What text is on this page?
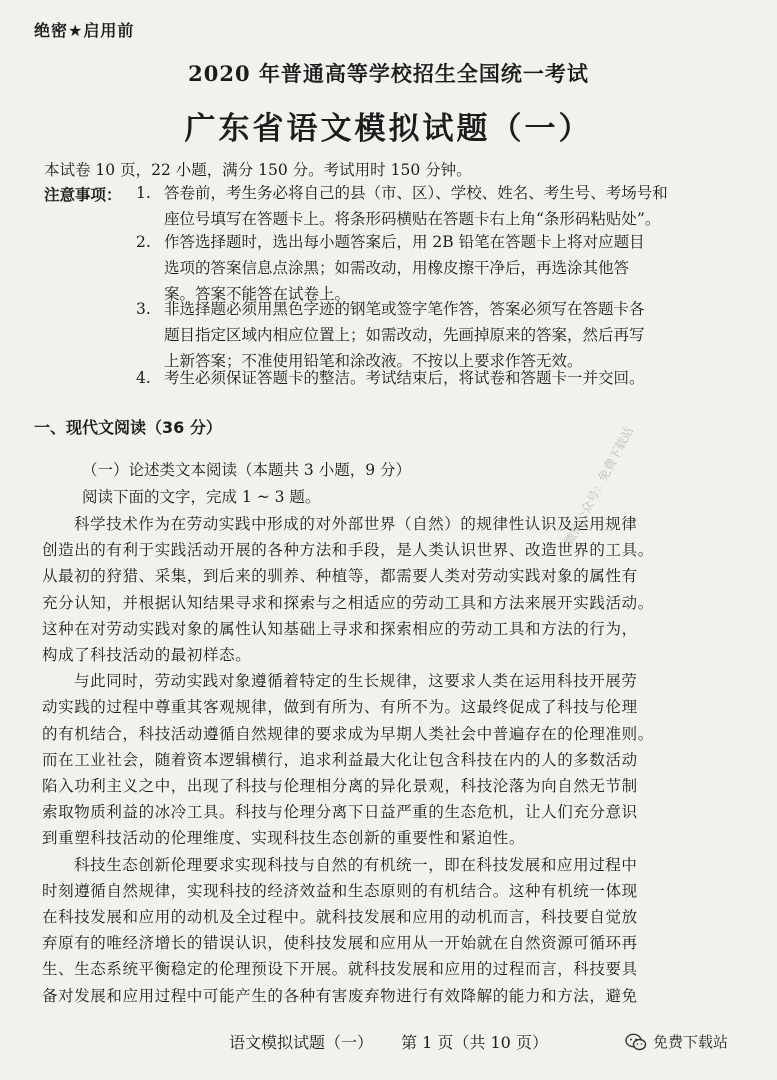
绝密★启用前
2020 年普通高等学校招生全国统一考试
广东省语文模拟试题（一）
本试卷 10 页，22 小题，满分 150 分。考试用时 150 分钟。
注意事项： 1. 答卷前，考生务必将自己的县（市、区）、学校、姓名、考生号、考场号和
座位号填写在答题卡上。将条形码横贴在答题卡右上角“条形码粘贴处”。
2. 作答选择题时，选出每小题答案后，用 2B 铅笔在答题卡上将对应题目
选项的答案信息点涂黑；如需改动，用橡皮擦干净后，再选涂其他答
案。答案不能答在试卷上。
3. 非选择题必须用黑色字迹的钢笔或签字笔作答，答案必须写在答题卡各
题目指定区域内相应位置上；如需改动，先画掉原来的答案，然后再写
上新答案；不准使用铅笔和涂改液。不按以上要求作答无效。
4. 考生必须保证答题卡的整洁。考试结束后，将试卷和答题卡一并交回。
一、现代文阅读（36 分）
（一）论述类文本阅读（本题共 3 小题，9 分）
阅读下面的文字，完成 1 ~ 3 题。
科学技术作为在劳动实践中形成的对外部世界（自然）的规律性认识及运用规律
创造出的有利于实践活动开展的各种方法和手段，是人类认识世界、改造世界的工具。
从最初的狩猎、采集，到后来的驯养、种植等，都需要人类对劳动实践对象的属性有
充分认知，并根据认知结果寻求和探索与之相适应的劳动工具和方法来展开实践活动。
这种在对劳动实践对象的属性认知基础上寻求和探索相应的劳动工具和方法的行为，
构成了科技活动的最初样态。
与此同时，劳动实践对象遵循着特定的生长规律，这要求人类在运用科技开展劳
动实践的过程中尊重其客观规律，做到有所为、有所不为。这最终促成了科技与伦理
的有机结合，科技活动遵循自然规律的要求成为早期人类社会中普遍存在的伦理准则。
而在工业社会，随着资本逻辑横行，追求利益最大化让包含科技在内的人的多数活动
陷入功利主义之中，出现了科技与伦理相分离的异化景观，科技沦落为向自然无节制
索取物质利益的冰冷工具。科技与伦理分离下日益严重的生态危机，让人们充分意识
到重塑科技活动的伦理维度、实现科技生态创新的重要性和紧迫性。
科技生态创新伦理要求实现科技与自然的有机统一，即在科技发展和应用过程中
时刻遵循自然规律，实现科技的经济效益和生态原则的有机结合。这种有机统一体现
在科技发展和应用的动机及全过程中。就科技发展和应用的动机而言，科技要自觉放
弃原有的唯经济增长的错误认识，使科技发展和应用从一开始就在自然资源可循环再
生、生态系统平衡稳定的伦理预设下开展。就科技发展和应用的过程而言，科技要具
备对发展和应用过程中可能产生的各种有害废弃物进行有效降解的能力和方法，避免
微信公众号：免费下载站
语文模拟试题（一） 第 1 页（共 10 页）	免费下载站
